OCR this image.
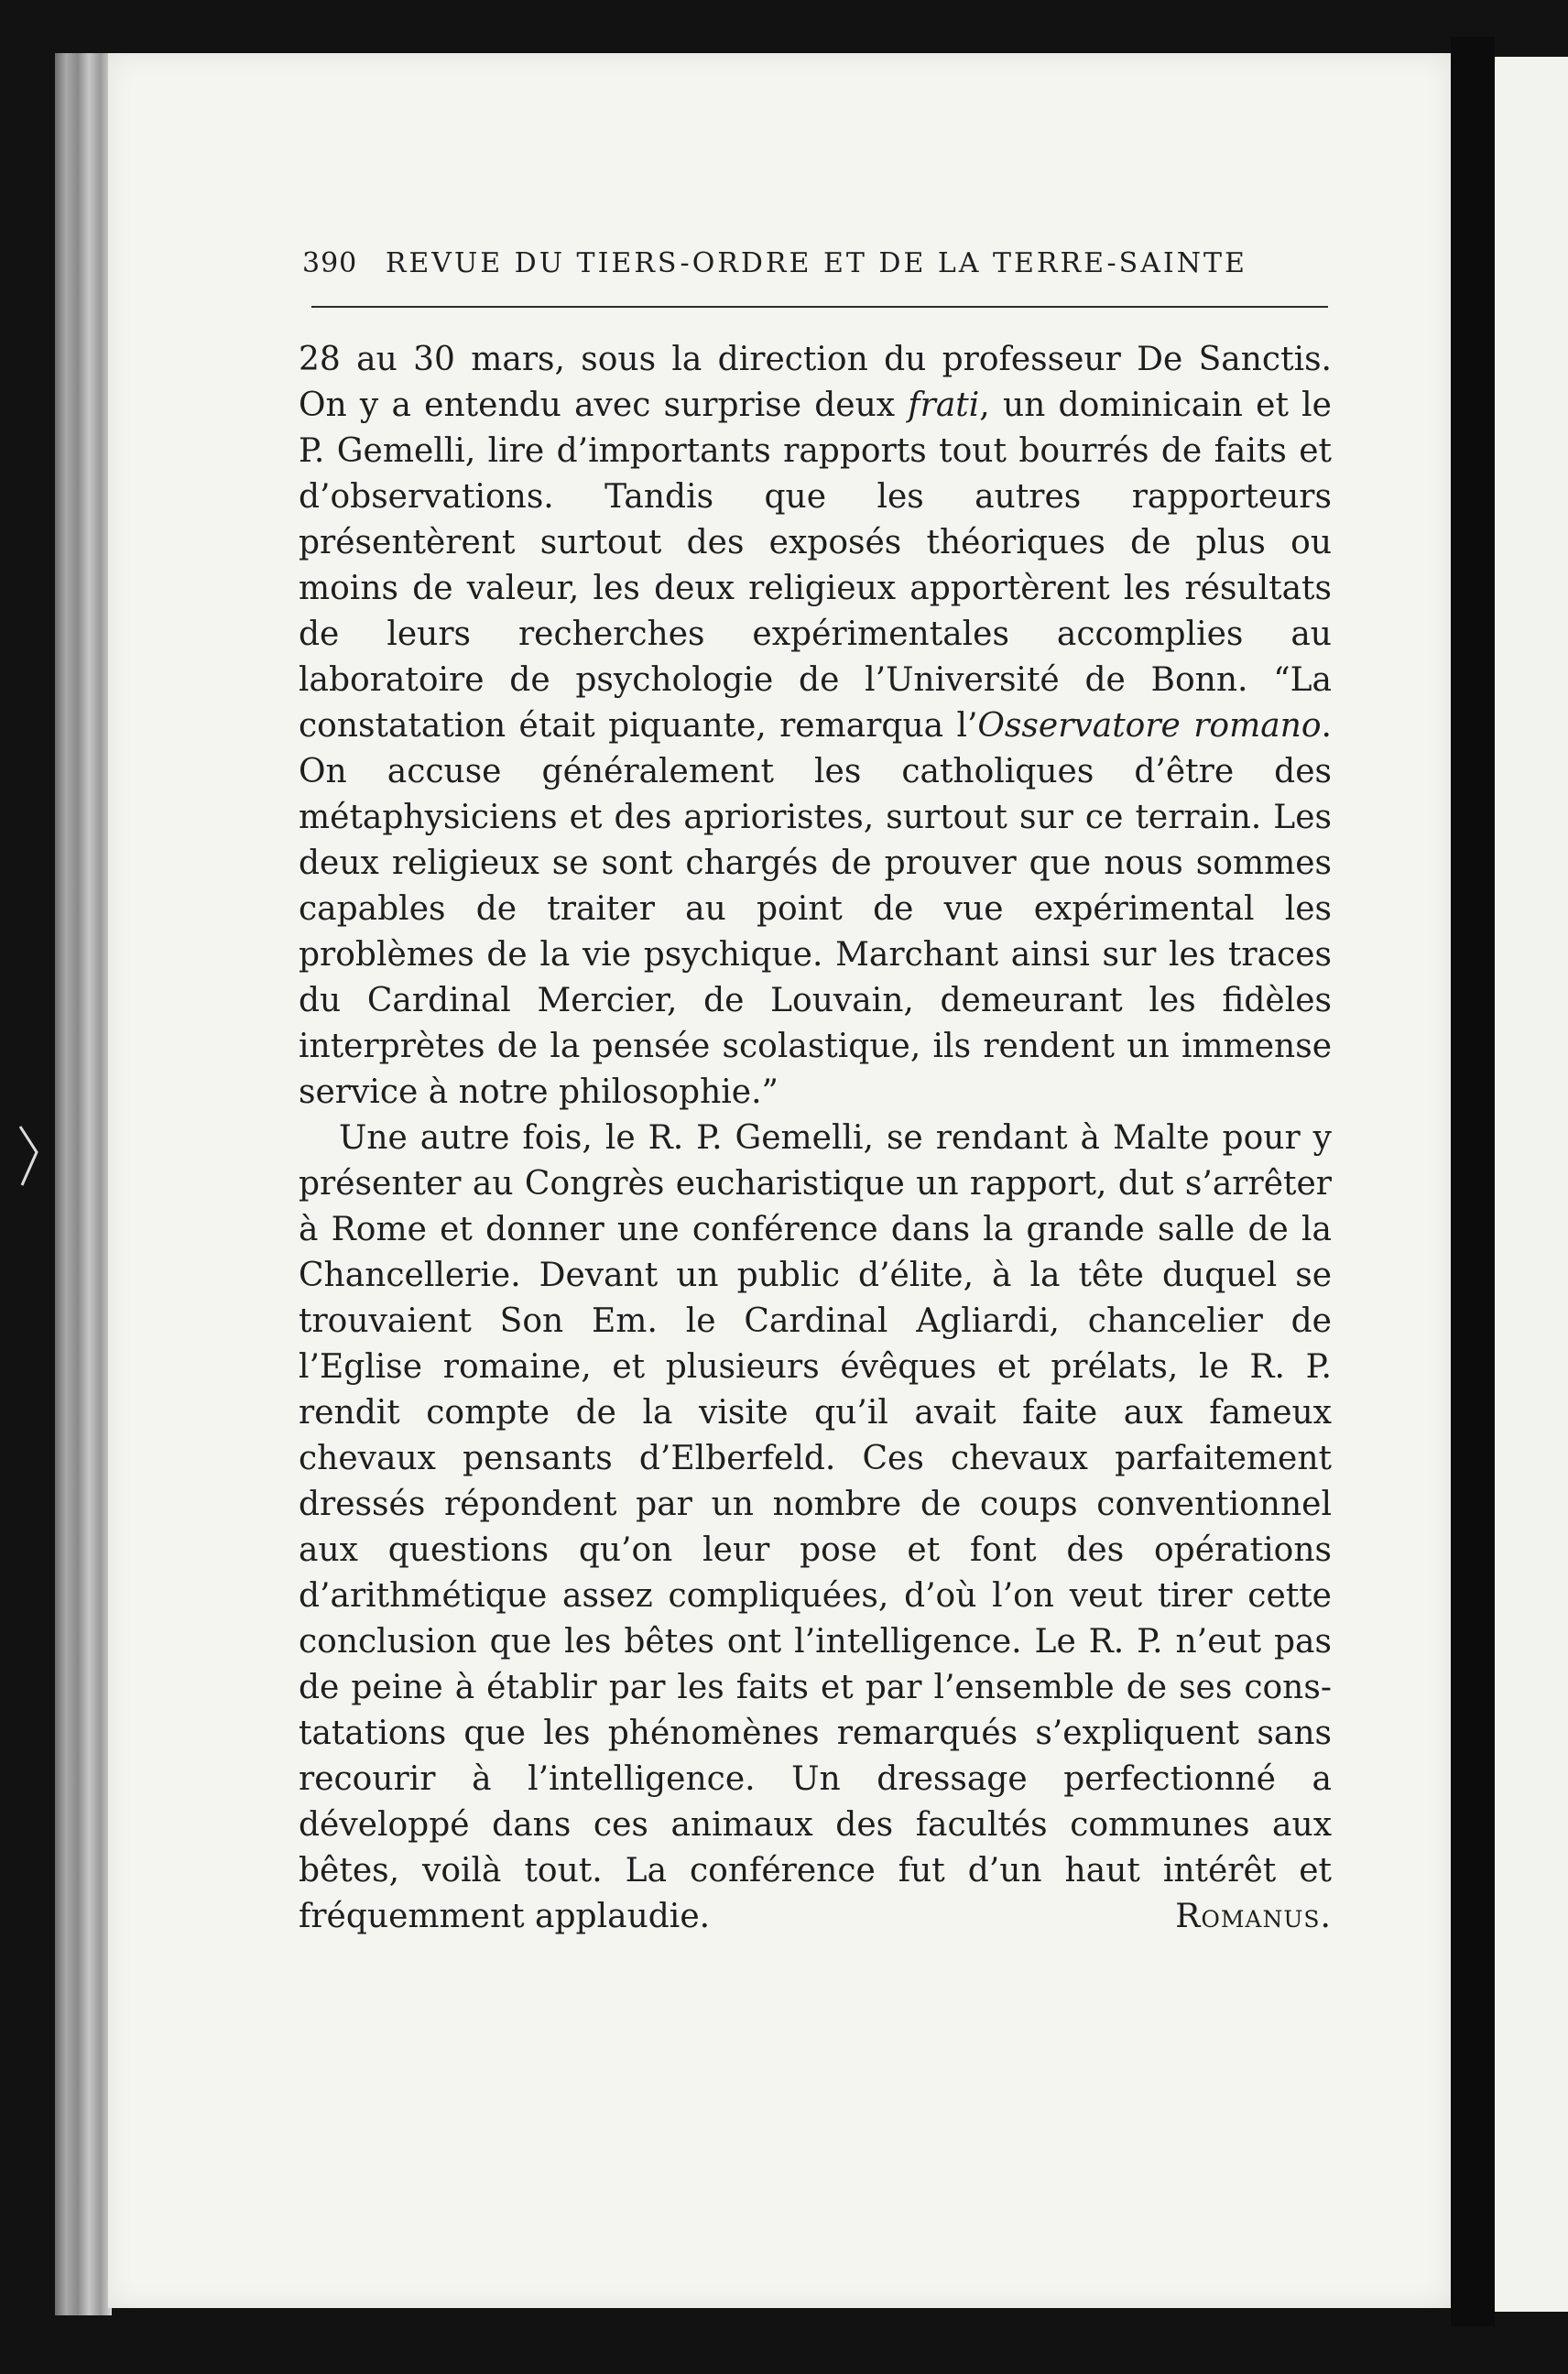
390 REVUE DU TIERS-ORDRE ET DE LA TERRE-SAINTE

28 au 30 mars, sous la direction du professeur De Sanctis. On y a entendu avec surprise deux frati, un dominicain et le P. Gemelli, lire d’importants rapports tout bourrés de faits et d’observations. Tandis que les autres rapporteurs présentèrent surtout des exposés théoriques de plus ou moins de valeur, les deux religieux apportèrent les résultats de leurs recherches expérimentales accomplies au laboratoire de psychologie de l’Université de Bonn. “La constatation était piquante, remarqua l’Osservatore romano. On accuse généralement les catholiques d’être des métaphysiciens et des aprioristes, surtout sur ce terrain. Les deux religieux se sont chargés de prouver que nous sommes capables de traiter au point de vue expérimental les problèmes de la vie psychique. Marchant ainsi sur les traces du Cardinal Mercier, de Louvain, demeurant les fidèles interprètes de la pensée scolastique, ils rendent un immense service à notre philosophie.”

Une autre fois, le R. P. Gemelli, se rendant à Malte pour y présenter au Congrès eucharistique un rapport, dut s’arrêter à Rome et donner une conférence dans la grande salle de la Chancellerie. Devant un public d’élite, à la tête duquel se trouvaient Son Em. le Cardinal Agliardi, chancelier de l’Eglise romaine, et plusieurs évêques et prélats, le R. P. rendit compte de la visite qu’il avait faite aux fameux chevaux pensants d’Elberfeld. Ces chevaux parfaitement dressés répondent par un nombre de coups conventionnel aux questions qu’on leur pose et font des opérations d’arithmétique assez compliquées, d’où l’on veut tirer cette conclusion que les bêtes ont l’intelligence. Le R. P. n’eut pas de peine à établir par les faits et par l’ensemble de ses constatations que les phénomènes remarqués s’expliquent sans recourir à l’intelligence. Un dressage perfectionné a développé dans ces animaux des facultés communes aux bêtes, voilà tout. La conférence fut d’un haut intérêt et fréquemment applaudie.	Romanus.
